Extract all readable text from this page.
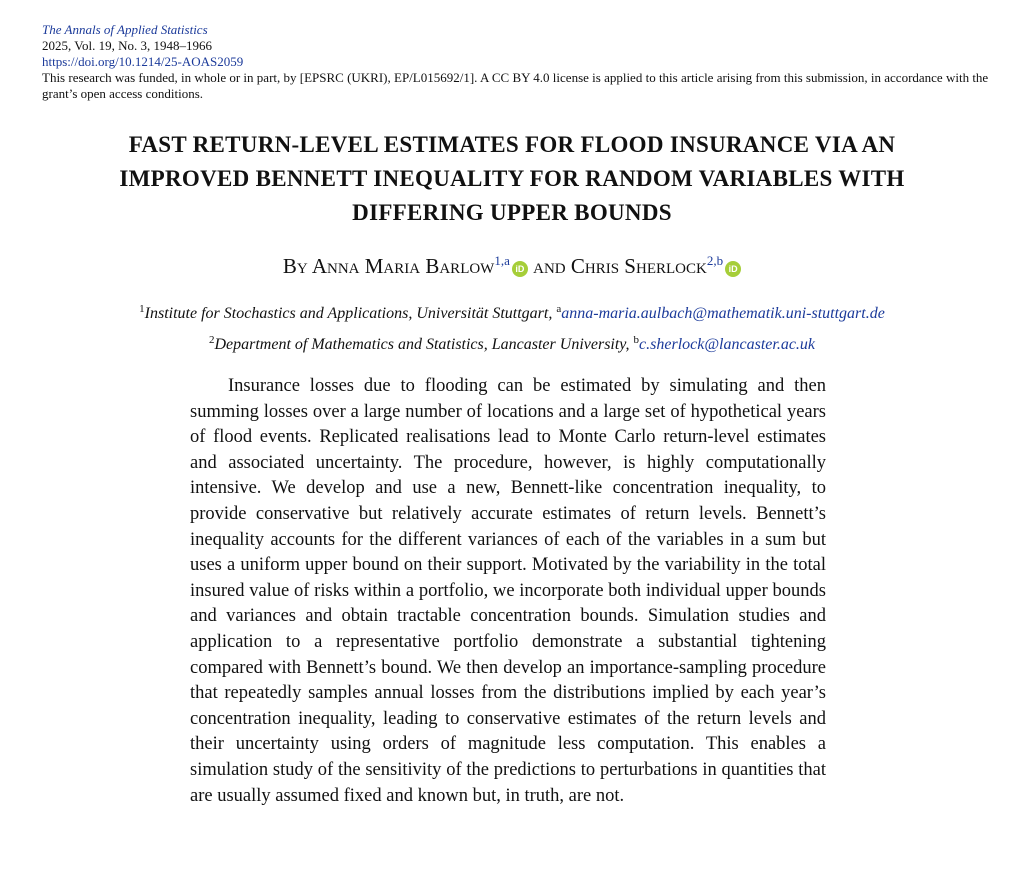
The Annals of Applied Statistics
2025, Vol. 19, No. 3, 1948–1966
https://doi.org/10.1214/25-AOAS2059
This research was funded, in whole or in part, by [EPSRC (UKRI), EP/L015692/1]. A CC BY 4.0 license is applied to this article arising from this submission, in accordance with the grant’s open access conditions.
FAST RETURN-LEVEL ESTIMATES FOR FLOOD INSURANCE VIA AN
IMPROVED BENNETT INEQUALITY FOR RANDOM VARIABLES WITH
DIFFERING UPPER BOUNDS
By Anna Maria Barlow$^{1,a}$iD and Chris Sherlock$^{2,b}$iD
$^1$Institute for Stochastics and Applications, Universität Stuttgart, $^a$anna-maria.aulbach@mathematik.uni-stuttgart.de
$^2$Department of Mathematics and Statistics, Lancaster University, $^b$c.sherlock@lancaster.ac.uk

Insurance losses due to flooding can be estimated by simulating and then summing losses over a large number of locations and a large set of hypothetical years of flood events. Replicated realisations lead to Monte Carlo return-level estimates and associated uncertainty. The procedure, however, is highly computationally intensive. We develop and use a new, Bennett-like concentration inequality, to provide conservative but relatively accurate estimates of return levels. Bennett’s inequality accounts for the different variances of each of the variables in a sum but uses a uniform upper bound on their support. Motivated by the variability in the total insured value of risks within a portfolio, we incorporate both individual upper bounds and variances and obtain tractable concentration bounds. Simulation studies and application to a representative portfolio demonstrate a substantial tightening compared with Bennett’s bound. We then develop an importance-sampling procedure that repeatedly samples annual losses from the distributions implied by each year’s concentration inequality, leading to conservative estimates of the return levels and their uncertainty using orders of magnitude less computation. This enables a simulation study of the sensitivity of the predictions to perturbations in quantities that are usually assumed fixed and known but, in truth, are not.
